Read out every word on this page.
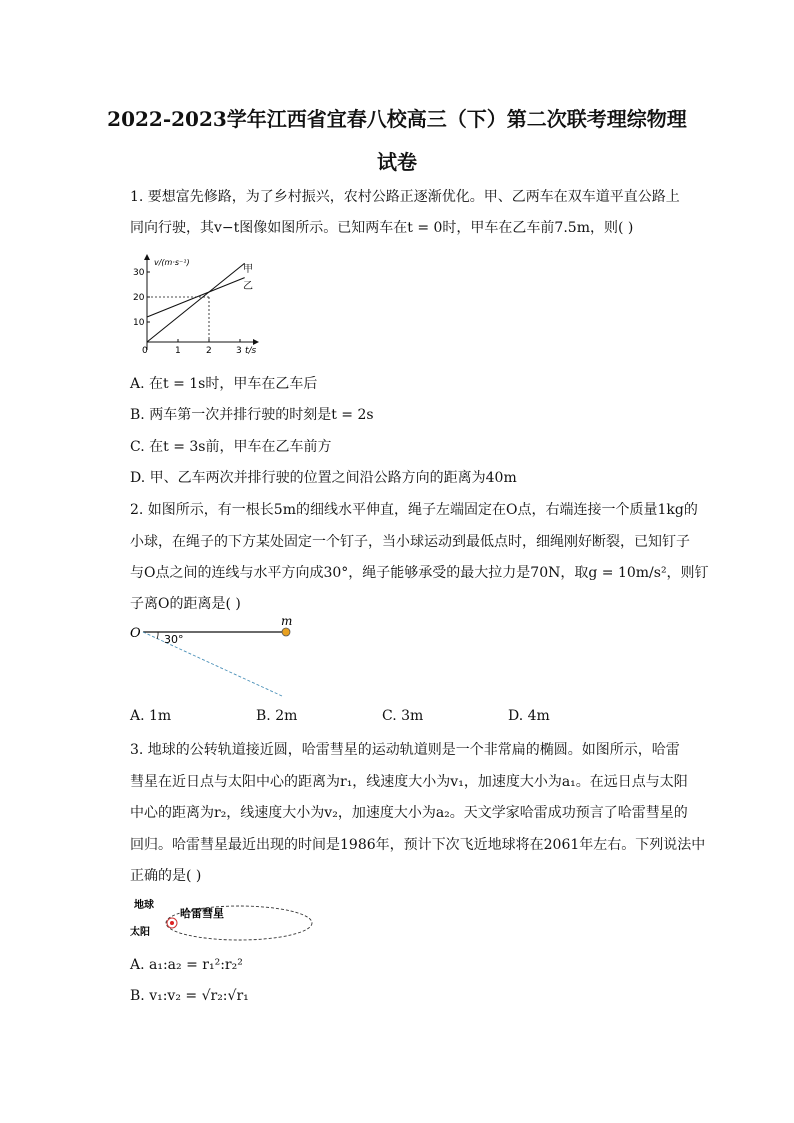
2022-2023学年江西省宜春八校高三（下）第二次联考理综物理
试卷
1. 要想富先修路，为了乡村振兴，农村公路正逐渐优化。甲、乙两车在双车道平直公路上
同向行驶，其v−t图像如图所示。已知两车在t = 0时，甲车在乙车前7.5m，则( )
v/(m·s⁻¹)
t/s
10
20
30
0	1	2	3
甲
乙
A. 在t = 1s时，甲车在乙车后
B. 两车第一次并排行驶的时刻是t = 2s
C. 在t = 3s前，甲车在乙车前方
D. 甲、乙车两次并排行驶的位置之间沿公路方向的距离为40m
2. 如图所示，有一根长5m的细线水平伸直，绳子左端固定在O点，右端连接一个质量1kg的
小球，在绳子的下方某处固定一个钉子，当小球运动到最低点时，细绳刚好断裂，已知钉子
与O点之间的连线与水平方向成30°，绳子能够承受的最大拉力是70N，取g = 10m/s²，则钉
子离O的距离是( )
O
m
30°
A. 1m	B. 2m	C. 3m	D. 4m
3. 地球的公转轨道接近圆，哈雷彗星的运动轨道则是一个非常扁的椭圆。如图所示，哈雷
彗星在近日点与太阳中心的距离为r₁，线速度大小为v₁，加速度大小为a₁。在远日点与太阳
中心的距离为r₂，线速度大小为v₂，加速度大小为a₂。天文学家哈雷成功预言了哈雷彗星的
回归。哈雷彗星最近出现的时间是1986年，预计下次飞近地球将在2061年左右。下列说法中
正确的是( )
地球
太阳
哈雷彗星
A. a₁:a₂ = r₁²:r₂²
B. v₁:v₂ = √r₂:√r₁
